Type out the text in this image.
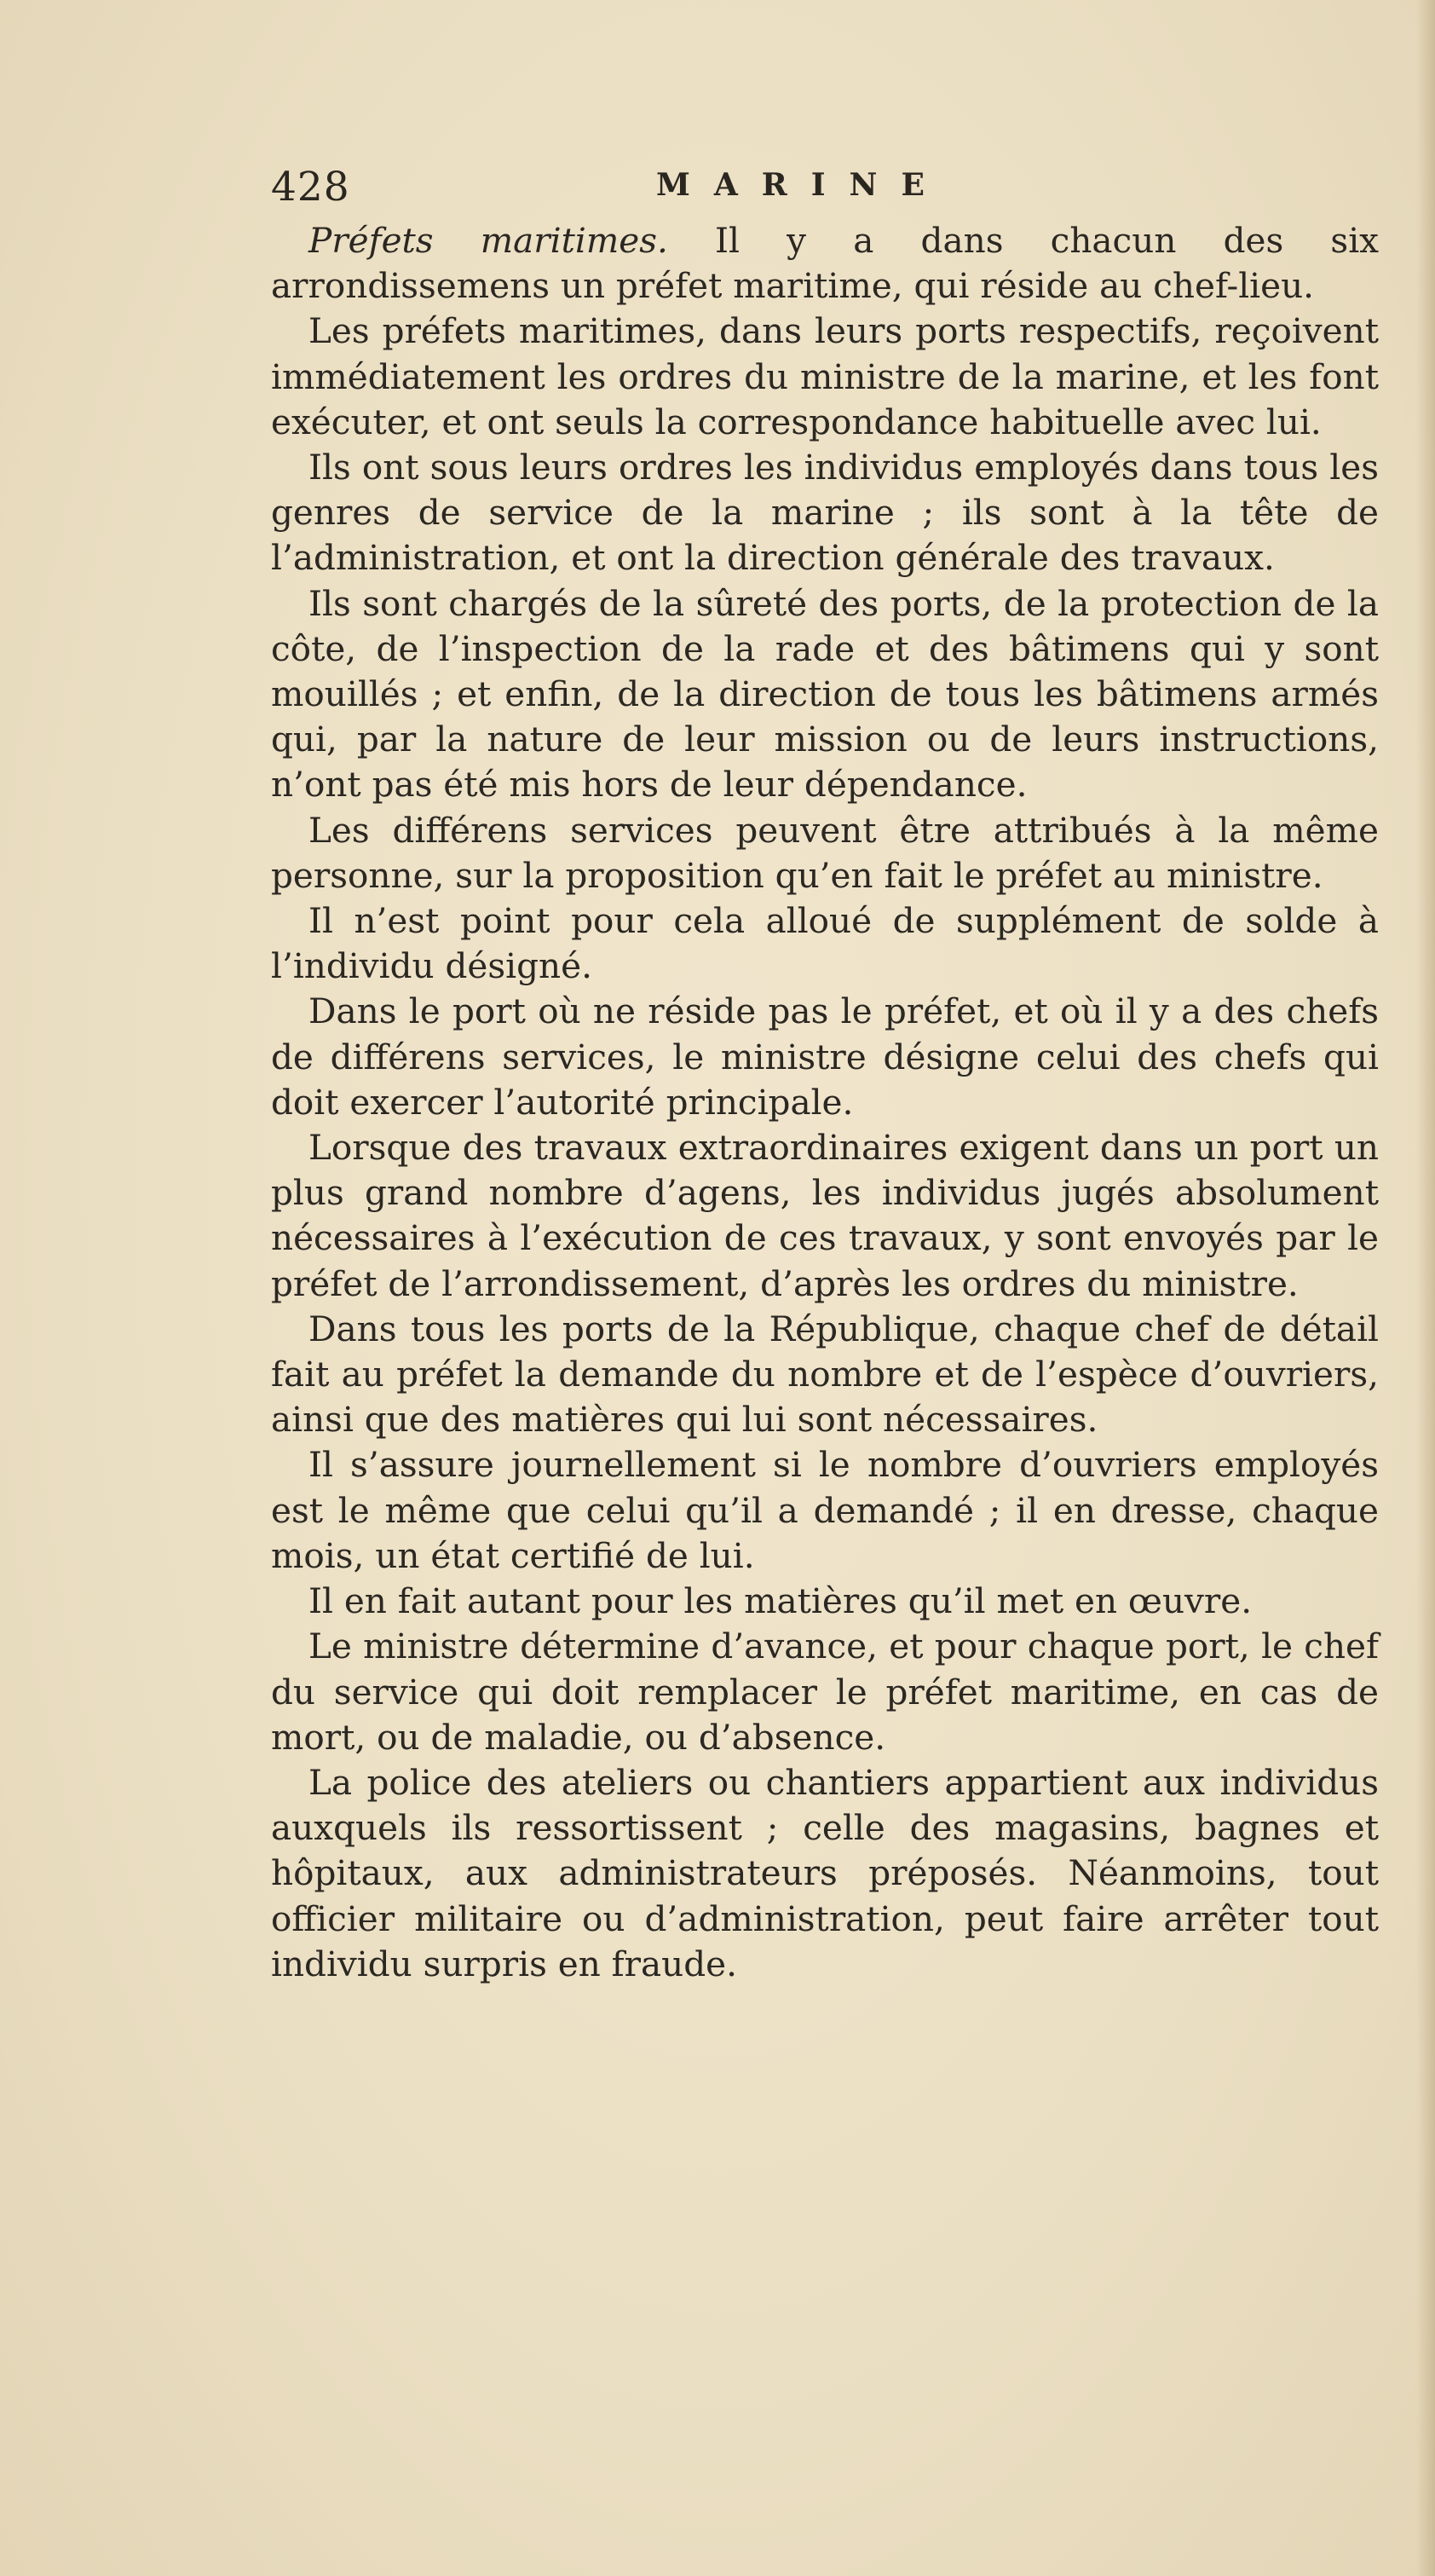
428	MARINE

Préfets maritimes. Il y a dans chacun des six arrondissemens un préfet maritime, qui réside au chef-lieu.

Les préfets maritimes, dans leurs ports respectifs, reçoivent immédiatement les ordres du ministre de la marine, et les font exécuter, et ont seuls la correspondance habituelle avec lui.

Ils ont sous leurs ordres les individus employés dans tous les genres de service de la marine ; ils sont à la tête de l’administration, et ont la direction générale des travaux.

Ils sont chargés de la sûreté des ports, de la protection de la côte, de l’inspection de la rade et des bâtimens qui y sont mouillés ; et enfin, de la direction de tous les bâtimens armés qui, par la nature de leur mission ou de leurs instructions, n’ont pas été mis hors de leur dépendance.

Les différens services peuvent être attribués à la même personne, sur la proposition qu’en fait le préfet au ministre.

Il n’est point pour cela alloué de supplément de solde à l’individu désigné.

Dans le port où ne réside pas le préfet, et où il y a des chefs de différens services, le ministre désigne celui des chefs qui doit exercer l’autorité principale.

Lorsque des travaux extraordinaires exigent dans un port un plus grand nombre d’agens, les individus jugés absolument nécessaires à l’exécution de ces travaux, y sont envoyés par le préfet de l’arrondissement, d’après les ordres du ministre.

Dans tous les ports de la République, chaque chef de détail fait au préfet la demande du nombre et de l’espèce d’ouvriers, ainsi que des matières qui lui sont nécessaires.

Il s’assure journellement si le nombre d’ouvriers employés est le même que celui qu’il a demandé ; il en dresse, chaque mois, un état certifié de lui.

Il en fait autant pour les matières qu’il met en œuvre.

Le ministre détermine d’avance, et pour chaque port, le chef du service qui doit remplacer le préfet maritime, en cas de mort, ou de maladie, ou d’absence.

La police des ateliers ou chantiers appartient aux individus auxquels ils ressortissent ; celle des magasins, bagnes et hôpitaux, aux administrateurs préposés. Néanmoins, tout officier militaire ou d’administration, peut faire arrêter tout individu surpris en fraude.
